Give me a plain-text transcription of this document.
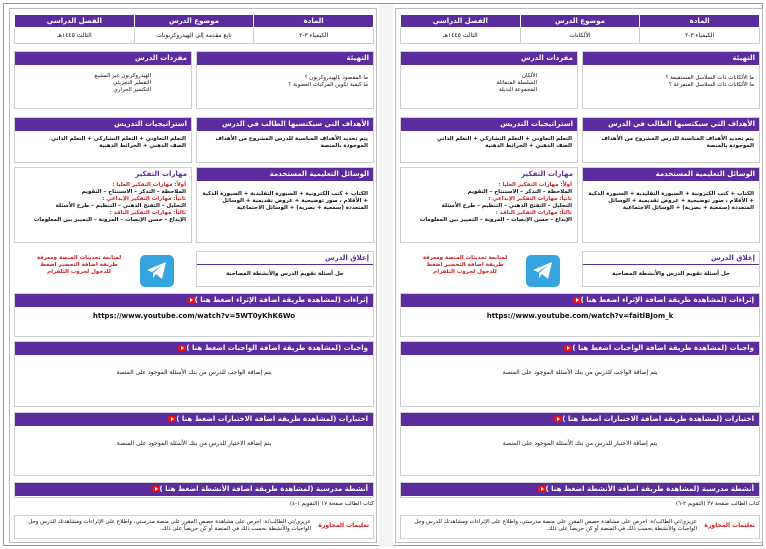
الفصل الدراسي	موضوع الدرس	المادة
الثالث ١٤٤٥هـ	تابع مقدمة إلى الهيدروكربونات	الكيمياء ٣-٢
التهيئة
ما المقصود بالهيدروكربون ؟
ما كيفية تكوين المركبات العضوية ؟
مفردات الدرس
الهيدروكربون غير المشبع
التقطير التجزيئي
التكسير الحراري
الأهداف التي سيكتسبها الطالب في الدرس
يتم تحديد الأهداف المناسبة للدرس المشروح من الأهداف الموجودة بالمنصة
استراتيجيات التدريس
التعلم التعاوني + التعلم التشاركي + التعلم الذاتي
الصف الذهني + الخرائط الذهنية
الوسائل التعليمية المستخدمة
الكتاب + كتب الكترونية + السبورة التقليدية + السبورة الذكية + الأقلام ، صور توضيحية + عروض تقديمية + الوسائل المتعددة (سمعية + بصرية) + الوسائل الاجتماعية
مهارات التفكير
أولاً: مهارات التفكير العليا :
الملاحظة – التذكر – الاستنتاج – التقويم
ثانياً: مهارات التفكير الإبداعي :
التحليل – التفتح الذهني – التنظيم – طرح الأسئلة
ثالثاً: مهارات التفكير الناقد :
الإبداع – حسن الإنصات – المرونة – التمييز بين المعلومات
إغلاق الدرس
حل أسئلة تقويم الدرس والأنشطة المصاحبة
لمتابعة تحديثات المنصة ومعرفة طريقة اضافة التحضير اضغط للدخول لجروب التلقرام
إثراءات (لمشاهدة طريقة اضافة الإثراء اضغط هنا )
https://www.youtube.com/watch?v=5WT0yKhK6Wo
واجبات (لمشاهدة طريقة اضافة الواجبات اضغط هنا )
يتم إضافة الواجب للدرس من بنك الأسئلة الموجود على المنصة
اختبارات (لمشاهدة طريقة اضافة الاختبارات اضغط هنا )
يتم إضافة الاختبار للدرس من بنك الأسئلة الموجود على المنصة
أنشطة مدرسية (لمشاهدة طريقة اضافة الأنشطة اضغط هنا )
كتاب الطالب صفحة ١٧ (التقويم ١-٤)
تعليمات المحاورة
عزيزي/تي الطالب/ة: احرص على مشاهدة حصص المقرر على منصة مدرستي، واطلاع على الإثراءات ومشاهدتك للدرس وحل الواجبات والأنشطة بحسب ذلك في المنصة أو كن حريصاً على ذلك.
الفصل الدراسي	موضوع الدرس	المادة
الثالث ١٤٤٥هـ	الألكانات	الكيمياء ٣-٢
التهيئة
ما الألكانات ذات السلاسل المستقيمة ؟
ما الألكانات ذات السلاسل المتفرعة ؟
مفردات الدرس
الألكان
السلسلة المتماثلة
المجموعة البديلة
الأهداف التي سيكتسبها الطالب في الدرس
يتم تحديد الأهداف المناسبة للدرس المشروح من الأهداف الموجودة بالمنصة
استراتيجيات التدريس
التعلم التعاوني + التعلم التشاركي + التعلم الذاتي
الصف الذهني + الخرائط الذهنية
الوسائل التعليمية المستخدمة
الكتاب + كتب الكترونية + السبورة التقليدية + السبورة الذكية + الأقلام ، صور توضيحية + عروض تقديمية + الوسائل المتعددة (سمعية + بصرية) + الوسائل الاجتماعية
مهارات التفكير
أولاً: مهارات التفكير العليا :
الملاحظة – التذكر – الاستنتاج – التقويم
ثانياً: مهارات التفكير الإبداعي :
التحليل – التفتح الذهني – التنظيم – طرح الأسئلة
ثالثاً: مهارات التفكير الناقد :
الإبداع – حسن الإنصات – المرونة – التمييز بين المعلومات
إغلاق الدرس
حل أسئلة تقويم الدرس والأنشطة المصاحبة
لمتابعة تحديثات المنصة ومعرفة طريقة اضافة التحضير اضغط للدخول لجروب التلقرام
إثراءات (لمشاهدة طريقة اضافة الإثراء اضغط هنا )
https://www.youtube.com/watch?v=faitlBJom_k
واجبات (لمشاهدة طريقة اضافة الواجبات اضغط هنا )
يتم إضافة الواجب للدرس من بنك الأسئلة الموجود على المنصة
اختبارات (لمشاهدة طريقة اضافة الاختبارات اضغط هنا )
يتم إضافة الاختبار للدرس من بنك الأسئلة الموجود على المنصة
أنشطة مدرسية (لمشاهدة طريقة اضافة الأنشطة اضغط هنا )
كتاب الطالب صفحة ٢٧ (التقويم ٢-٦)
تعليمات المحاورة
عزيزي/تي الطالب/ة: احرص على مشاهدة حصص المقرر على منصة مدرستي، واطلاع على الإثراءات ومشاهدتك للدرس وحل الواجبات والأنشطة بحسب ذلك في المنصة أو كن حريصاً على ذلك.
